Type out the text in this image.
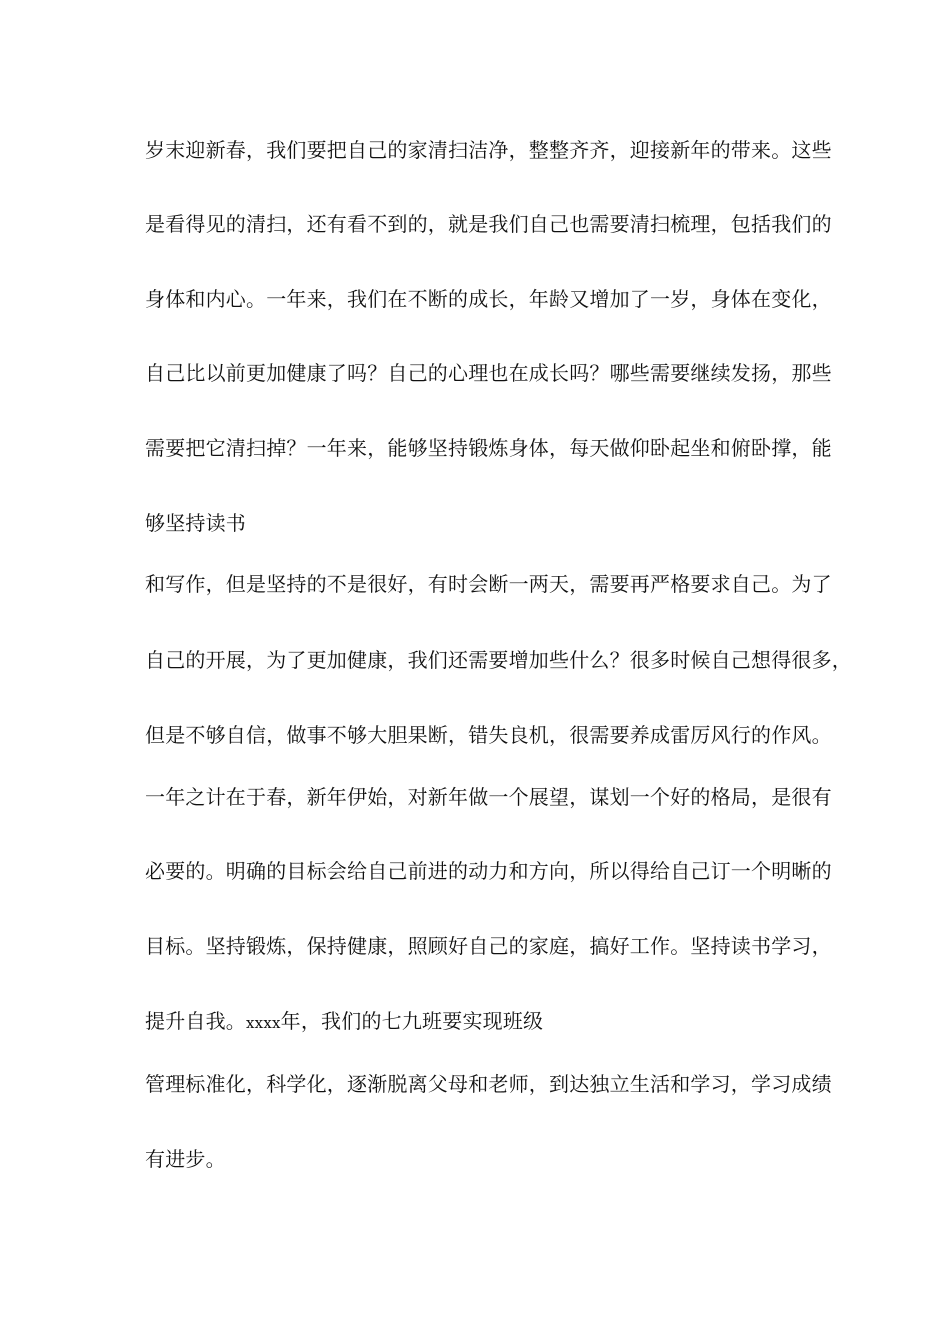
岁末迎新春，我们要把自己的家清扫洁净，整整齐齐，迎接新年的带来。这些

是看得见的清扫，还有看不到的，就是我们自己也需要清扫梳理，包括我们的

身体和内心。一年来，我们在不断的成长，年龄又增加了一岁，身体在变化，

自己比以前更加健康了吗？自己的心理也在成长吗？哪些需要继续发扬，那些

需要把它清扫掉？一年来，能够坚持锻炼身体，每天做仰卧起坐和俯卧撑，能

够坚持读书

和写作，但是坚持的不是很好，有时会断一两天，需要再严格要求自己。为了

自己的开展，为了更加健康，我们还需要增加些什么？很多时候自己想得很多，

但是不够自信，做事不够大胆果断，错失良机，很需要养成雷厉风行的作风。

一年之计在于春，新年伊始，对新年做一个展望，谋划一个好的格局，是很有

必要的。明确的目标会给自己前进的动力和方向，所以得给自己订一个明晰的

目标。坚持锻炼，保持健康，照顾好自己的家庭，搞好工作。坚持读书学习，

提升自我。xxxx年，我们的七九班要实现班级

管理标准化，科学化，逐渐脱离父母和老师，到达独立生活和学习，学习成绩

有进步。
